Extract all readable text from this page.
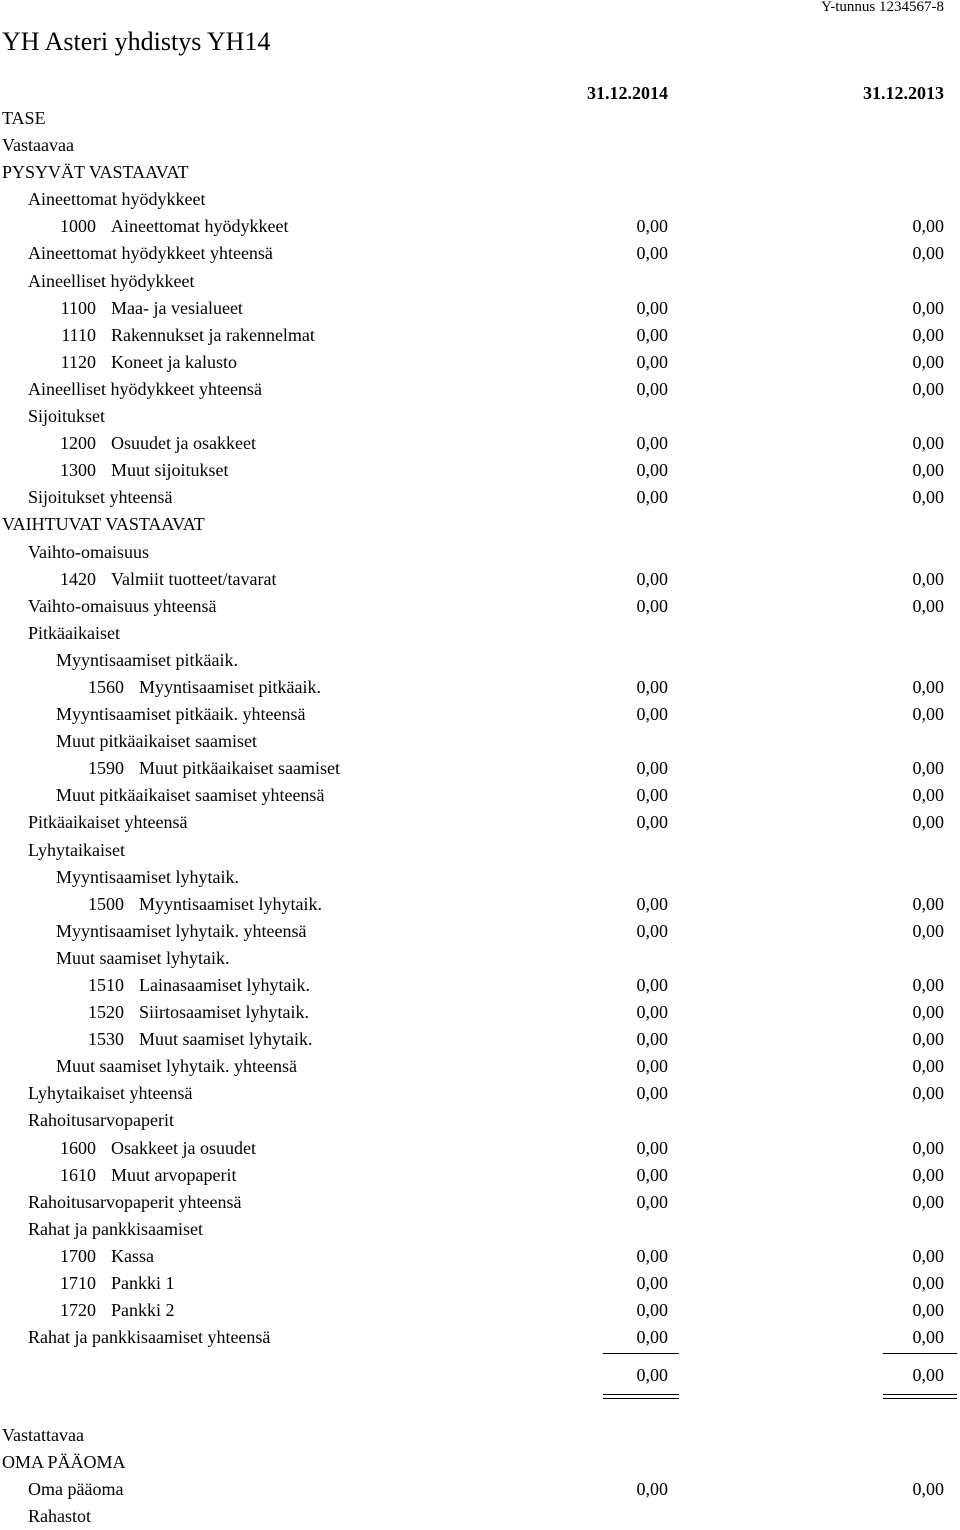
Y-tunnus 1234567-8
YH Asteri yhdistys YH14
31.12.2014	31.12.2013
TASE
Vastaavaa
PYSYVÄT VASTAAVAT
Aineettomat hyödykkeet
1000 Aineettomat hyödykkeet	0,00	0,00
Aineettomat hyödykkeet yhteensä	0,00	0,00
Aineelliset hyödykkeet
1100 Maa- ja vesialueet	0,00	0,00
1110 Rakennukset ja rakennelmat	0,00	0,00
1120 Koneet ja kalusto	0,00	0,00
Aineelliset hyödykkeet yhteensä	0,00	0,00
Sijoitukset
1200 Osuudet ja osakkeet	0,00	0,00
1300 Muut sijoitukset	0,00	0,00
Sijoitukset yhteensä	0,00	0,00
VAIHTUVAT VASTAAVAT
Vaihto-omaisuus
1420 Valmiit tuotteet/tavarat	0,00	0,00
Vaihto-omaisuus yhteensä	0,00	0,00
Pitkäaikaiset
Myyntisaamiset pitkäaik.
1560 Myyntisaamiset pitkäaik.	0,00	0,00
Myyntisaamiset pitkäaik. yhteensä	0,00	0,00
Muut pitkäaikaiset saamiset
1590 Muut pitkäaikaiset saamiset	0,00	0,00
Muut pitkäaikaiset saamiset yhteensä	0,00	0,00
Pitkäaikaiset yhteensä	0,00	0,00
Lyhytaikaiset
Myyntisaamiset lyhytaik.
1500 Myyntisaamiset lyhytaik.	0,00	0,00
Myyntisaamiset lyhytaik. yhteensä	0,00	0,00
Muut saamiset lyhytaik.
1510 Lainasaamiset lyhytaik.	0,00	0,00
1520 Siirtosaamiset lyhytaik.	0,00	0,00
1530 Muut saamiset lyhytaik.	0,00	0,00
Muut saamiset lyhytaik. yhteensä	0,00	0,00
Lyhytaikaiset yhteensä	0,00	0,00
Rahoitusarvopaperit
1600 Osakkeet ja osuudet	0,00	0,00
1610 Muut arvopaperit	0,00	0,00
Rahoitusarvopaperit yhteensä	0,00	0,00
Rahat ja pankkisaamiset
1700 Kassa	0,00	0,00
1710 Pankki 1	0,00	0,00
1720 Pankki 2	0,00	0,00
Rahat ja pankkisaamiset yhteensä	0,00	0,00
0,00	0,00
Vastattavaa
OMA PÄÄOMA
Oma pääoma	0,00	0,00
Rahastot
